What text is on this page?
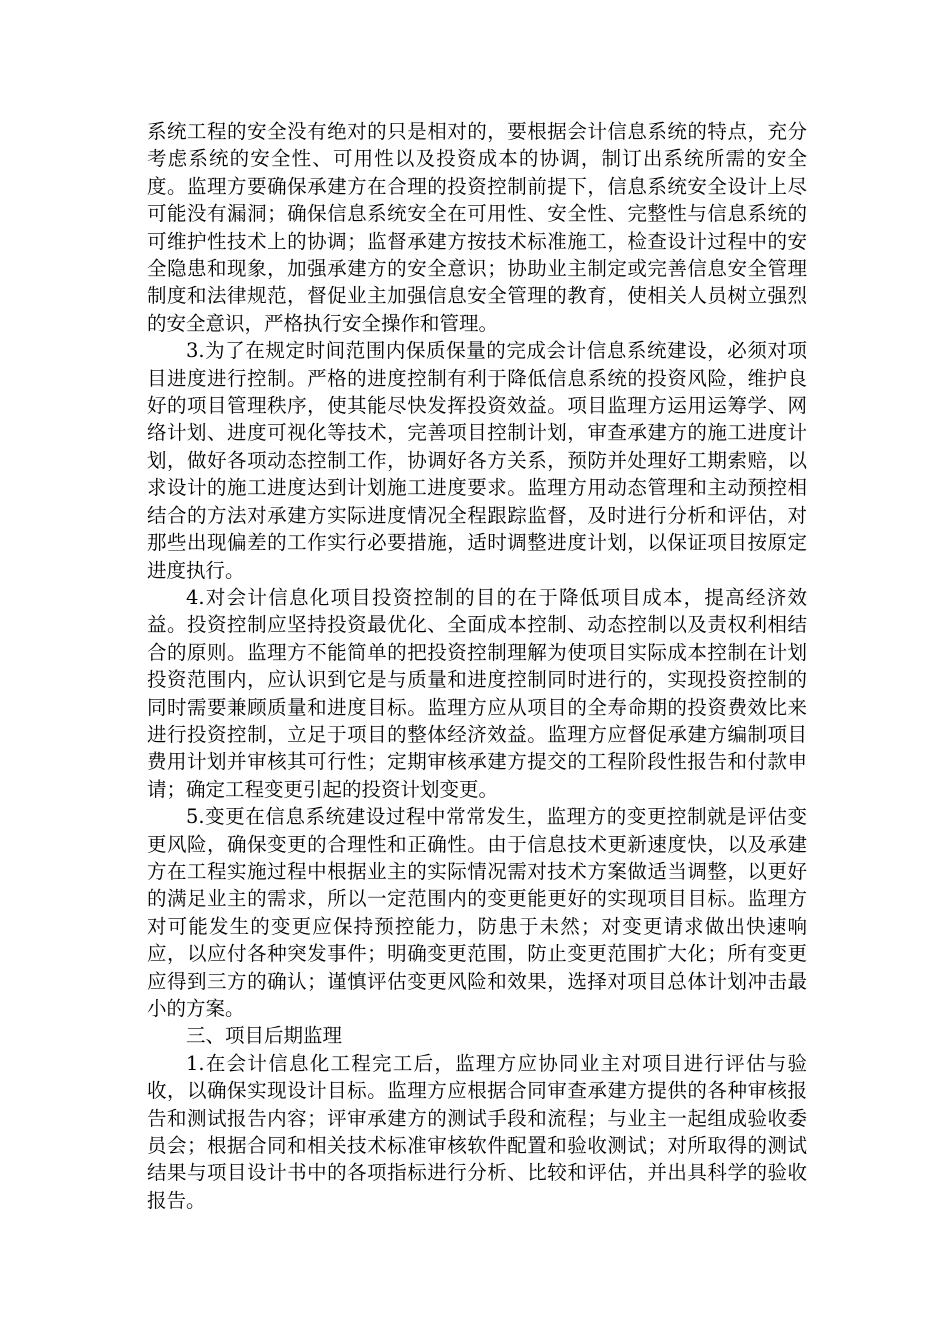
系统工程的安全没有绝对的只是相对的，要根据会计信息系统的特点，充分考虑系统的安全性、可用性以及投资成本的协调，制订出系统所需的安全度。监理方要确保承建方在合理的投资控制前提下，信息系统安全设计上尽可能没有漏洞；确保信息系统安全在可用性、安全性、完整性与信息系统的可维护性技术上的协调；监督承建方按技术标准施工，检查设计过程中的安全隐患和现象，加强承建方的安全意识；协助业主制定或完善信息安全管理制度和法律规范，督促业主加强信息安全管理的教育，使相关人员树立强烈的安全意识，严格执行安全操作和管理。

3.为了在规定时间范围内保质保量的完成会计信息系统建设，必须对项目进度进行控制。严格的进度控制有利于降低信息系统的投资风险，维护良好的项目管理秩序，使其能尽快发挥投资效益。项目监理方运用运筹学、网络计划、进度可视化等技术，完善项目控制计划，审查承建方的施工进度计划，做好各项动态控制工作，协调好各方关系，预防并处理好工期索赔，以求设计的施工进度达到计划施工进度要求。监理方用动态管理和主动预控相结合的方法对承建方实际进度情况全程跟踪监督，及时进行分析和评估，对那些出现偏差的工作实行必要措施，适时调整进度计划，以保证项目按原定进度执行。

4.对会计信息化项目投资控制的目的在于降低项目成本，提高经济效益。投资控制应坚持投资最优化、全面成本控制、动态控制以及责权利相结合的原则。监理方不能简单的把投资控制理解为使项目实际成本控制在计划投资范围内，应认识到它是与质量和进度控制同时进行的，实现投资控制的同时需要兼顾质量和进度目标。监理方应从项目的全寿命期的投资费效比来进行投资控制，立足于项目的整体经济效益。监理方应督促承建方编制项目费用计划并审核其可行性；定期审核承建方提交的工程阶段性报告和付款申请；确定工程变更引起的投资计划变更。

5.变更在信息系统建设过程中常常发生，监理方的变更控制就是评估变更风险，确保变更的合理性和正确性。由于信息技术更新速度快，以及承建方在工程实施过程中根据业主的实际情况需对技术方案做适当调整，以更好的满足业主的需求，所以一定范围内的变更能更好的实现项目目标。监理方对可能发生的变更应保持预控能力，防患于未然；对变更请求做出快速响应，以应付各种突发事件；明确变更范围，防止变更范围扩大化；所有变更应得到三方的确认；谨慎评估变更风险和效果，选择对项目总体计划冲击最小的方案。

三、项目后期监理

1.在会计信息化工程完工后，监理方应协同业主对项目进行评估与验收，以确保实现设计目标。监理方应根据合同审查承建方提供的各种审核报告和测试报告内容；评审承建方的测试手段和流程；与业主一起组成验收委员会；根据合同和相关技术标准审核软件配置和验收测试；对所取得的测试结果与项目设计书中的各项指标进行分析、比较和评估，并出具科学的验收报告。
